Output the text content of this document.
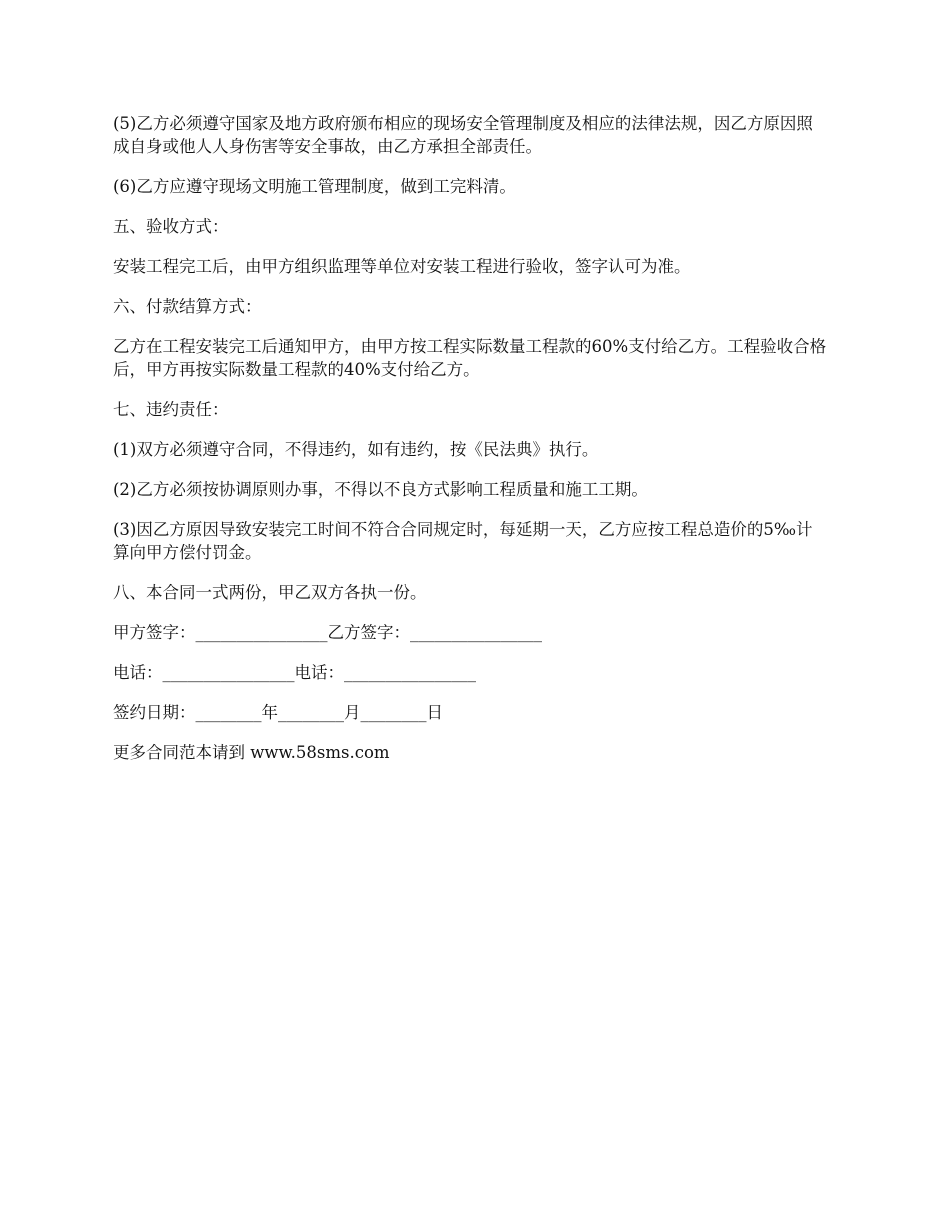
(5)乙方必须遵守国家及地方政府颁布相应的现场安全管理制度及相应的法律法规，因乙方原因照成自身或他人人身伤害等安全事故，由乙方承担全部责任。

(6)乙方应遵守现场文明施工管理制度，做到工完料清。

五、验收方式：

安装工程完工后，由甲方组织监理等单位对安装工程进行验收，签字认可为准。

六、付款结算方式：

乙方在工程安装完工后通知甲方，由甲方按工程实际数量工程款的60%支付给乙方。工程验收合格后，甲方再按实际数量工程款的40%支付给乙方。

七、违约责任：

(1)双方必须遵守合同，不得违约，如有违约，按《民法典》执行。

(2)乙方必须按协调原则办事，不得以不良方式影响工程质量和施工工期。

(3)因乙方原因导致安装完工时间不符合合同规定时，每延期一天，乙方应按工程总造价的5‰计算向甲方偿付罚金。

八、本合同一式两份，甲乙双方各执一份。

甲方签字：________________乙方签字：________________

电话：________________电话：________________

签约日期：________年________月________日

更多合同范本请到 www.58sms.com
